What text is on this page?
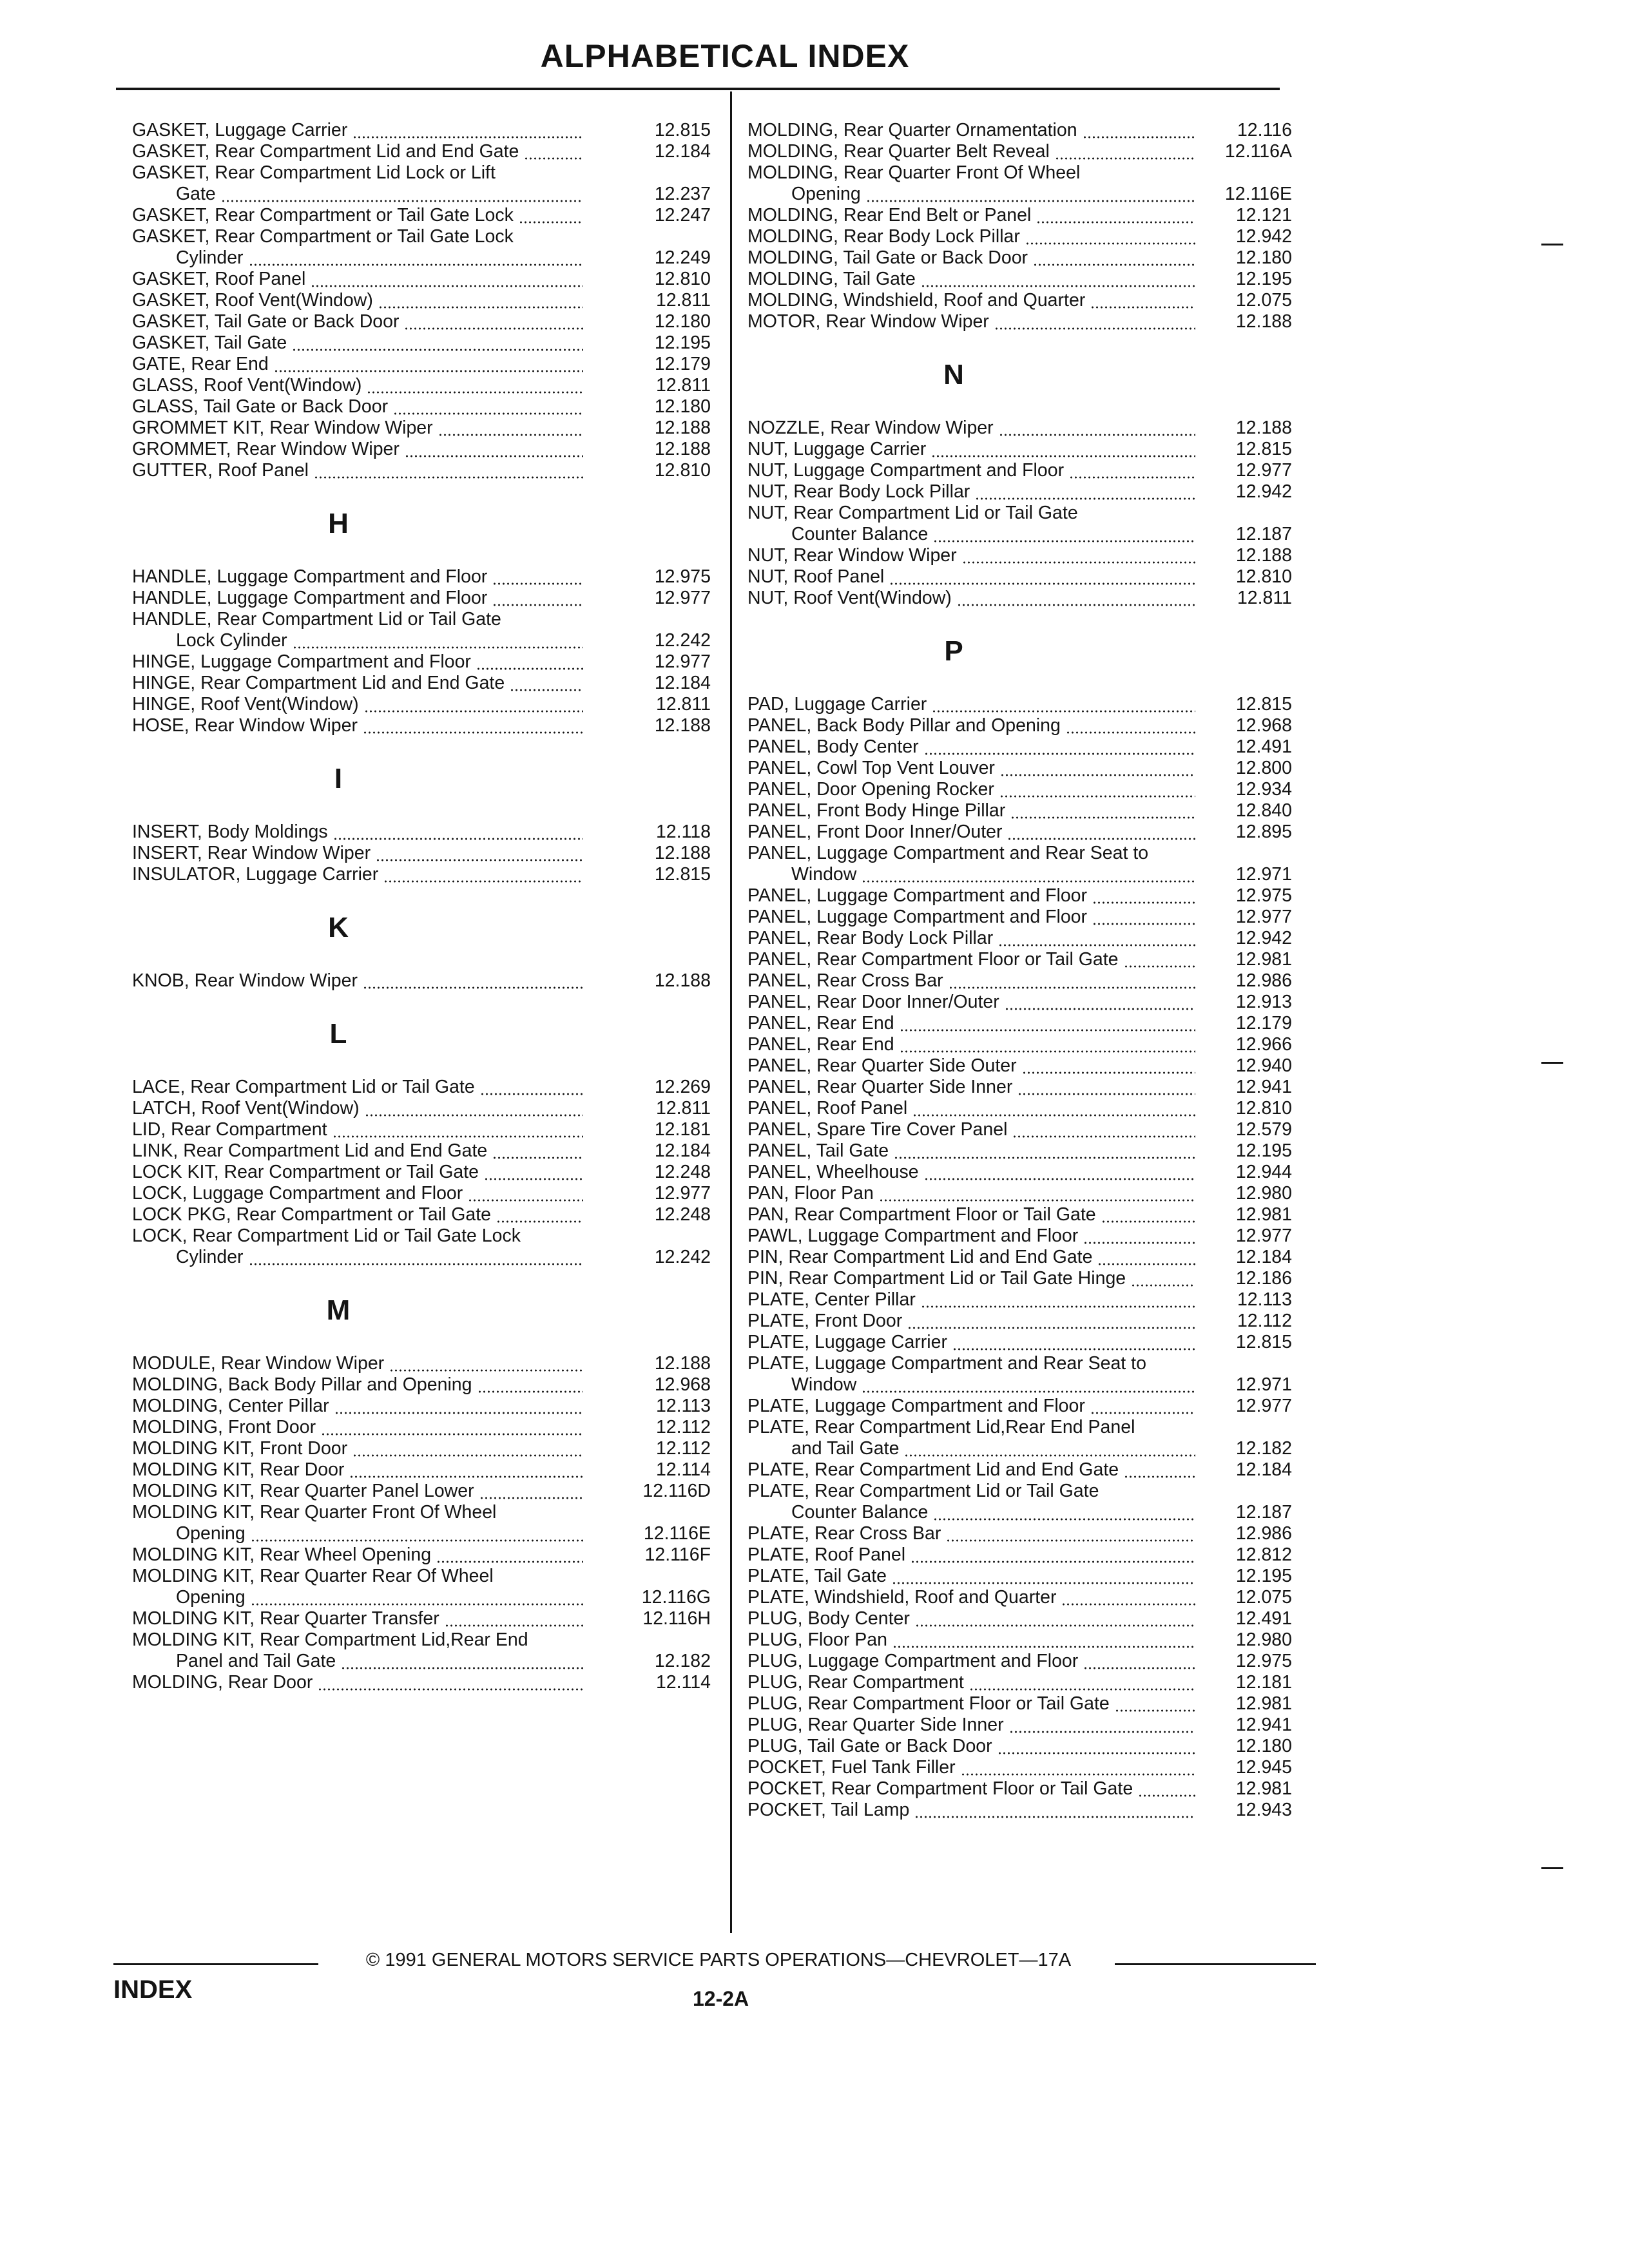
ALPHABETICAL INDEX
GASKET, Luggage Carrier	12.815
GASKET, Rear Compartment Lid and End Gate	12.184
GASKET, Rear Compartment Lid Lock or Lift
Gate	12.237
GASKET, Rear Compartment or Tail Gate Lock	12.247
GASKET, Rear Compartment or Tail Gate Lock
Cylinder	12.249
GASKET, Roof Panel	12.810
GASKET, Roof Vent(Window)	12.811
GASKET, Tail Gate or Back Door	12.180
GASKET, Tail Gate	12.195
GATE, Rear End	12.179
GLASS, Roof Vent(Window)	12.811
GLASS, Tail Gate or Back Door	12.180
GROMMET KIT, Rear Window Wiper	12.188
GROMMET, Rear Window Wiper	12.188
GUTTER, Roof Panel	12.810
H
HANDLE, Luggage Compartment and Floor	12.975
HANDLE, Luggage Compartment and Floor	12.977
HANDLE, Rear Compartment Lid or Tail Gate
Lock Cylinder	12.242
HINGE, Luggage Compartment and Floor	12.977
HINGE, Rear Compartment Lid and End Gate	12.184
HINGE, Roof Vent(Window)	12.811
HOSE, Rear Window Wiper	12.188
I
INSERT, Body Moldings	12.118
INSERT, Rear Window Wiper	12.188
INSULATOR, Luggage Carrier	12.815
K
KNOB, Rear Window Wiper	12.188
L
LACE, Rear Compartment Lid or Tail Gate	12.269
LATCH, Roof Vent(Window)	12.811
LID, Rear Compartment	12.181
LINK, Rear Compartment Lid and End Gate	12.184
LOCK KIT, Rear Compartment or Tail Gate	12.248
LOCK, Luggage Compartment and Floor	12.977
LOCK PKG, Rear Compartment or Tail Gate	12.248
LOCK, Rear Compartment Lid or Tail Gate Lock
Cylinder	12.242
M
MODULE, Rear Window Wiper	12.188
MOLDING, Back Body Pillar and Opening	12.968
MOLDING, Center Pillar	12.113
MOLDING, Front Door	12.112
MOLDING KIT, Front Door	12.112
MOLDING KIT, Rear Door	12.114
MOLDING KIT, Rear Quarter Panel Lower	12.116D
MOLDING KIT, Rear Quarter Front Of Wheel
Opening	12.116E
MOLDING KIT, Rear Wheel Opening	12.116F
MOLDING KIT, Rear Quarter Rear Of Wheel
Opening	12.116G
MOLDING KIT, Rear Quarter Transfer	12.116H
MOLDING KIT, Rear Compartment Lid,Rear End
Panel and Tail Gate	12.182
MOLDING, Rear Door	12.114
MOLDING, Rear Quarter Ornamentation	12.116
MOLDING, Rear Quarter Belt Reveal	12.116A
MOLDING, Rear Quarter Front Of Wheel
Opening	12.116E
MOLDING, Rear End Belt or Panel	12.121
MOLDING, Rear Body Lock Pillar	12.942
MOLDING, Tail Gate or Back Door	12.180
MOLDING, Tail Gate	12.195
MOLDING, Windshield, Roof and Quarter	12.075
MOTOR, Rear Window Wiper	12.188
N
NOZZLE, Rear Window Wiper	12.188
NUT, Luggage Carrier	12.815
NUT, Luggage Compartment and Floor	12.977
NUT, Rear Body Lock Pillar	12.942
NUT, Rear Compartment Lid or Tail Gate
Counter Balance	12.187
NUT, Rear Window Wiper	12.188
NUT, Roof Panel	12.810
NUT, Roof Vent(Window)	12.811
P
PAD, Luggage Carrier	12.815
PANEL, Back Body Pillar and Opening	12.968
PANEL, Body Center	12.491
PANEL, Cowl Top Vent Louver	12.800
PANEL, Door Opening Rocker	12.934
PANEL, Front Body Hinge Pillar	12.840
PANEL, Front Door Inner/Outer	12.895
PANEL, Luggage Compartment and Rear Seat to
Window	12.971
PANEL, Luggage Compartment and Floor	12.975
PANEL, Luggage Compartment and Floor	12.977
PANEL, Rear Body Lock Pillar	12.942
PANEL, Rear Compartment Floor or Tail Gate	12.981
PANEL, Rear Cross Bar	12.986
PANEL, Rear Door Inner/Outer	12.913
PANEL, Rear End	12.179
PANEL, Rear End	12.966
PANEL, Rear Quarter Side Outer	12.940
PANEL, Rear Quarter Side Inner	12.941
PANEL, Roof Panel	12.810
PANEL, Spare Tire Cover Panel	12.579
PANEL, Tail Gate	12.195
PANEL, Wheelhouse	12.944
PAN, Floor Pan	12.980
PAN, Rear Compartment Floor or Tail Gate	12.981
PAWL, Luggage Compartment and Floor	12.977
PIN, Rear Compartment Lid and End Gate	12.184
PIN, Rear Compartment Lid or Tail Gate Hinge	12.186
PLATE, Center Pillar	12.113
PLATE, Front Door	12.112
PLATE, Luggage Carrier	12.815
PLATE, Luggage Compartment and Rear Seat to
Window	12.971
PLATE, Luggage Compartment and Floor	12.977
PLATE, Rear Compartment Lid,Rear End Panel
and Tail Gate	12.182
PLATE, Rear Compartment Lid and End Gate	12.184
PLATE, Rear Compartment Lid or Tail Gate
Counter Balance	12.187
PLATE, Rear Cross Bar	12.986
PLATE, Roof Panel	12.812
PLATE, Tail Gate	12.195
PLATE, Windshield, Roof and Quarter	12.075
PLUG, Body Center	12.491
PLUG, Floor Pan	12.980
PLUG, Luggage Compartment and Floor	12.975
PLUG, Rear Compartment	12.181
PLUG, Rear Compartment Floor or Tail Gate	12.981
PLUG, Rear Quarter Side Inner	12.941
PLUG, Tail Gate or Back Door	12.180
POCKET, Fuel Tank Filler	12.945
POCKET, Rear Compartment Floor or Tail Gate	12.981
POCKET, Tail Lamp	12.943
© 1991 GENERAL MOTORS SERVICE PARTS OPERATIONS—CHEVROLET—17A
INDEX	12-2A
